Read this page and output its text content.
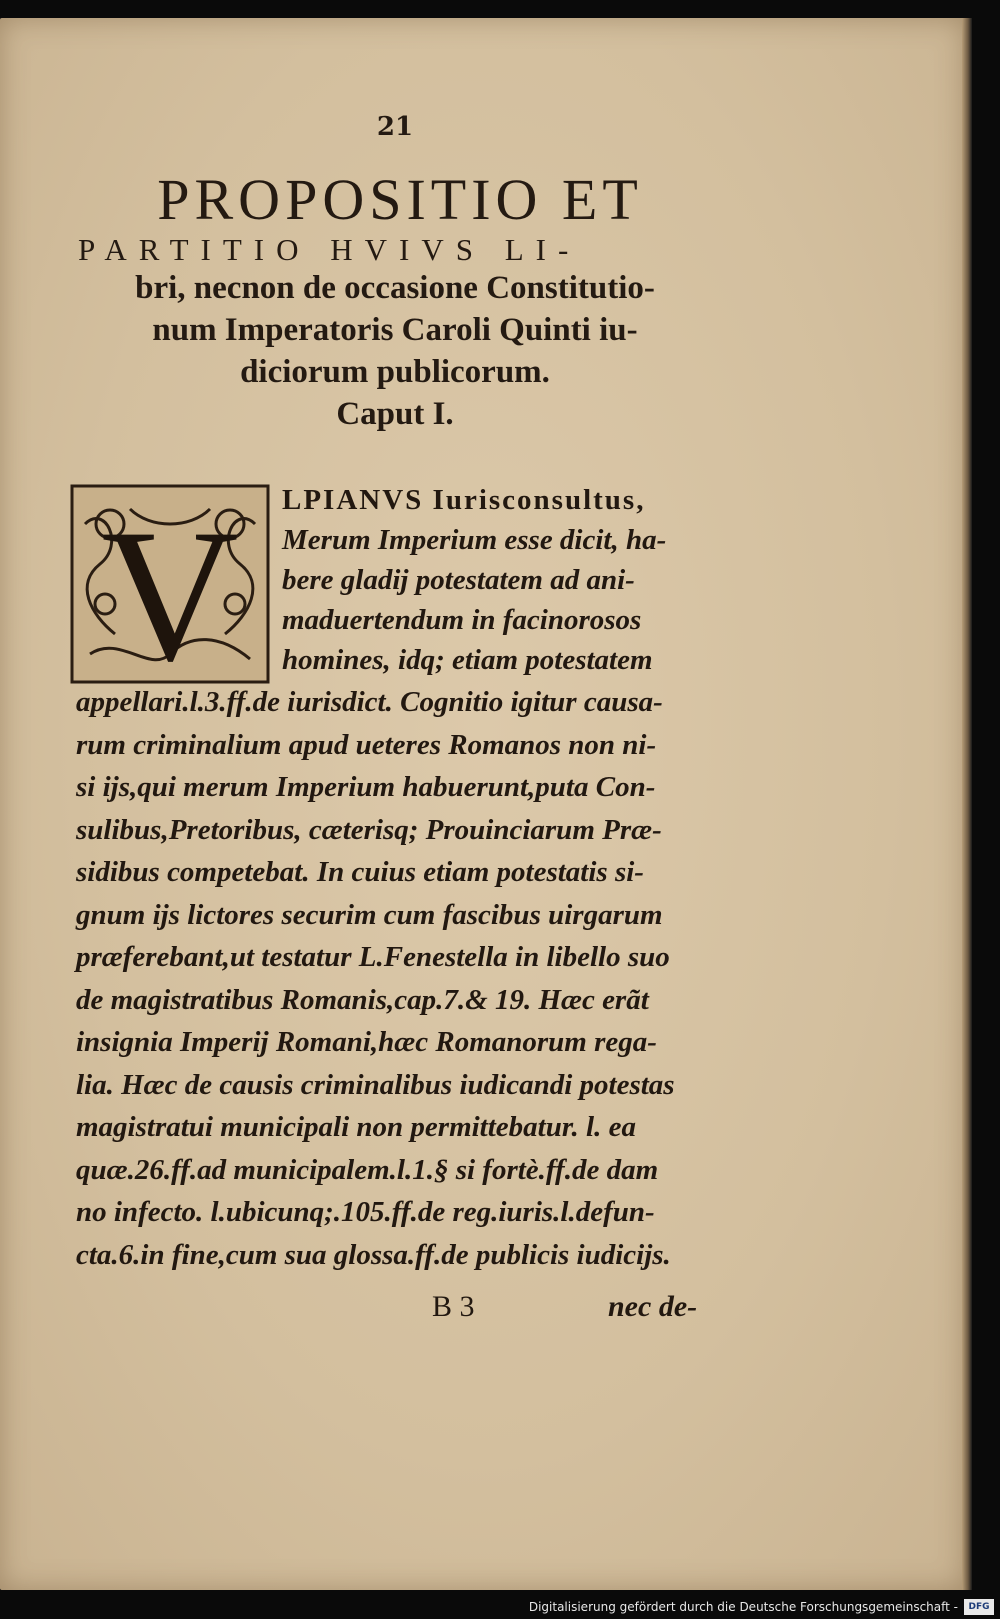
21
PROPOSITIO ET
PARTITIO HVIVS LI-
bri, necnon de occasione Constitutio-
num Imperatoris Caroli Quinti iu-
diciorum publicorum.
Caput I.
V LPIANVS Iurisconsultus,
Merum Imperium esse dicit, ha-
bere gladij potestatem ad ani-
maduertendum in facinorosos
homines, idq; etiam potestatem
appellari.l.3.ff.de iurisdict. Cognitio igitur causa-
rum criminalium apud ueteres Romanos non ni-
si ijs,qui merum Imperium habuerunt,puta Con-
sulibus,Pretoribus, cæterisq; Prouinciarum Præ-
sidibus competebat. In cuius etiam potestatis si-
gnum ijs lictores securim cum fascibus uirgarum
præferebant,ut testatur L.Fenestella in libello suo
de magistratibus Romanis,cap.7.& 19. Hæc erãt
insignia Imperij Romani,hæc Romanorum rega-
lia. Hæc de causis criminalibus iudicandi potestas
magistratui municipali non permittebatur. l. ea
quæ.26.ff.ad municipalem.l.1.§ si fortè.ff.de dam
no infecto. l.ubicunq;.105.ff.de reg.iuris.l.defun-
cta.6.in fine,cum sua glossa.ff.de publicis iudicijs.
B 3	nec de-
Digitalisierung gefördert durch die Deutsche Forschungsgemeinschaft -	DFG
